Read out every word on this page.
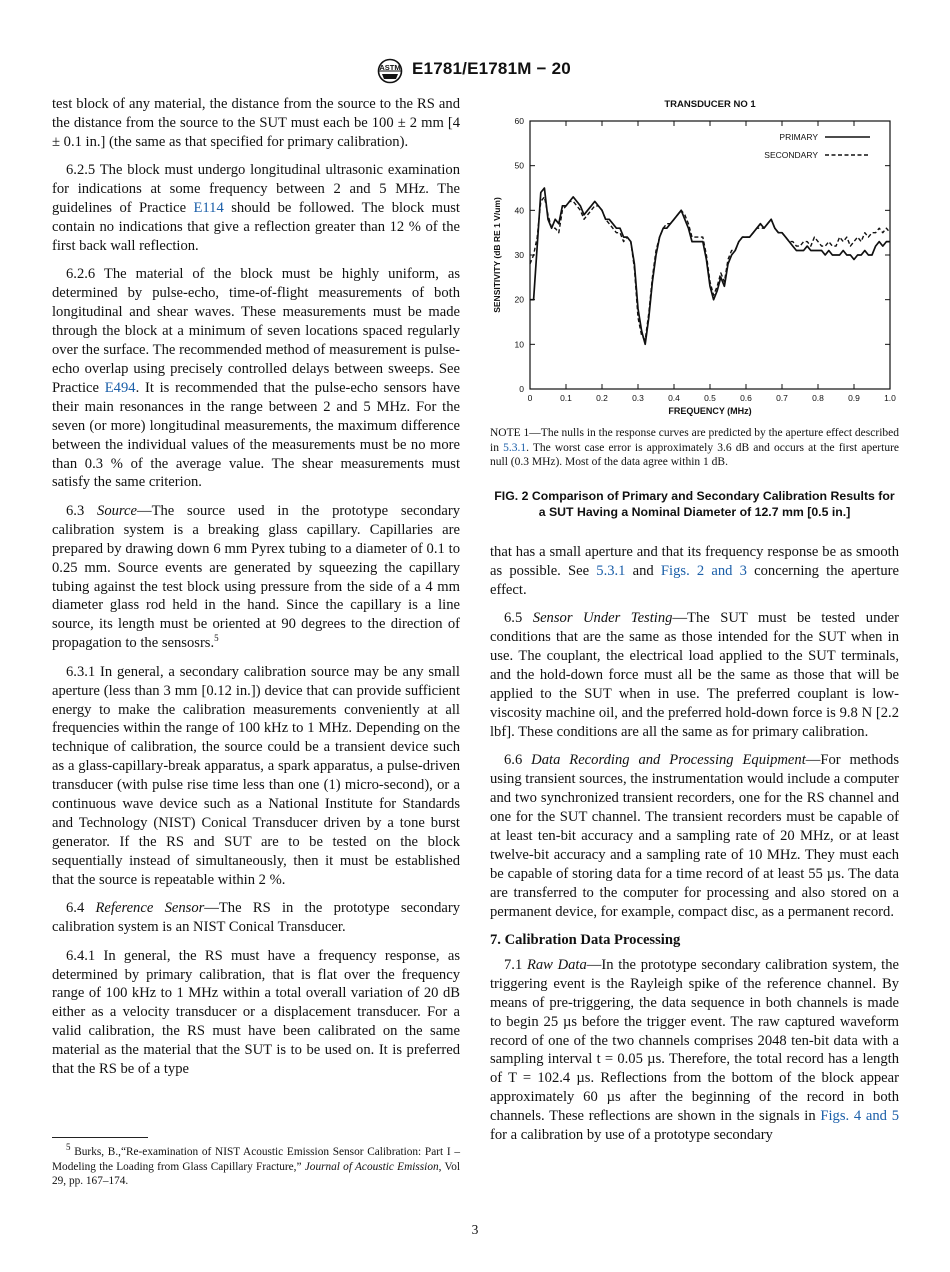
ASTM E1781/E1781M − 20

test block of any material, the distance from the source to the RS and the distance from the source to the SUT must each be 100 ± 2 mm [4 ± 0.1 in.] (the same as that specified for primary calibration).

6.2.5 The block must undergo longitudinal ultrasonic examination for indications at some frequency between 2 and 5 MHz. The guidelines of Practice E114 should be followed. The block must contain no indications that give a reflection greater than 12 % of the first back wall reflection.

6.2.6 The material of the block must be highly uniform, as determined by pulse-echo, time-of-flight measurements of both longitudinal and shear waves. These measurements must be made through the block at a minimum of seven locations spaced regularly over the surface. The recommended method of measurement is pulse-echo overlap using precisely controlled delays between sweeps. See Practice E494. It is recommended that the pulse-echo sensors have their main resonances in the range between 2 and 5 MHz. For the seven (or more) longitudinal measurements, the maximum difference between the individual values of the measurements must be no more than 0.3 % of the average value. The shear measurements must satisfy the same criterion.

6.3 Source—The source used in the prototype secondary calibration system is a breaking glass capillary. Capillaries are prepared by drawing down 6 mm Pyrex tubing to a diameter of 0.1 to 0.25 mm. Source events are generated by squeezing the capillary tubing against the test block using pressure from the side of a 4 mm diameter glass rod held in the hand. Since the capillary is a line source, its length must be oriented at 90 degrees to the direction of propagation to the sensosrs.$^5$

6.3.1 In general, a secondary calibration source may be any small aperture (less than 3 mm [0.12 in.]) device that can provide sufficient energy to make the calibration measurements conveniently at all frequencies within the range of 100 kHz to 1 MHz. Depending on the technique of calibration, the source could be a transient device such as a glass-capillary-break apparatus, a spark apparatus, a pulse-driven transducer (with pulse rise time less than one (1) micro-second), or a continuous wave device such as a National Institute for Standards and Technology (NIST) Conical Transducer driven by a tone burst generator. If the RS and SUT are to be tested on the block sequentially instead of simultaneously, then it must be established that the source is repeatable within 2 %.

6.4 Reference Sensor—The RS in the prototype secondary calibration system is an NIST Conical Transducer.

6.4.1 In general, the RS must have a frequency response, as determined by primary calibration, that is flat over the frequency range of 100 kHz to 1 MHz within a total overall variation of 20 dB either as a velocity transducer or a displacement transducer. For a valid calibration, the RS must have been calibrated on the same material as the material that the SUT is to be used on. It is preferred that the RS be of a type

$^5$ Burks, B.,“Re-examination of NIST Acoustic Emission Sensor Calibration: Part I – Modeling the Loading from Glass Capillary Fracture,” Journal of Acoustic Emission, Vol 29, pp. 167–174.
TRANSDUCER NO 1
0
10
20
30
40
50
60
0	0.1	0.2	0.3	0.4	0.5	0.6	0.7	0.8	0.9	1.0
FREQUENCY (MHz)
SENSITIVITY (dB RE 1 V/um)
PRIMARY
SECONDARY
NOTE 1—The nulls in the response curves are predicted by the aperture effect described in 5.3.1. The worst case error is approximately 3.6 dB and occurs at the first aperture null (0.3 MHz). Most of the data agree within 1 dB.
FIG. 2 Comparison of Primary and Secondary Calibration Results for a SUT Having a Nominal Diameter of 12.7 mm [0.5 in.]

that has a small aperture and that its frequency response be as smooth as possible. See 5.3.1 and Figs. 2 and 3 concerning the aperture effect.

6.5 Sensor Under Testing—The SUT must be tested under conditions that are the same as those intended for the SUT when in use. The couplant, the electrical load applied to the SUT terminals, and the hold-down force must all be the same as those that will be applied to the SUT when in use. The preferred couplant is low-viscosity machine oil, and the preferred hold-down force is 9.8 N [2.2 lbf]. These conditions are all the same as for primary calibration.

6.6 Data Recording and Processing Equipment—For methods using transient sources, the instrumentation would include a computer and two synchronized transient recorders, one for the RS channel and one for the SUT channel. The transient recorders must be capable of at least ten-bit accuracy and a sampling rate of 20 MHz, or at least twelve-bit accuracy and a sampling rate of 10 MHz. They must each be capable of storing data for a time record of at least 55 µs. The data are transferred to the computer for processing and also stored on a permanent device, for example, compact disc, as a permanent record.

7. Calibration Data Processing

7.1 Raw Data—In the prototype secondary calibration system, the triggering event is the Rayleigh spike of the reference channel. By means of pre-triggering, the data sequence in both channels is made to begin 25 µs before the trigger event. The raw captured waveform record of one of the two channels comprises 2048 ten-bit data with a sampling interval t = 0.05 µs. Therefore, the total record has a length of T = 102.4 µs. Reflections from the bottom of the block appear approximately 60 µs after the beginning of the record in both channels. These reflections are shown in the signals in Figs. 4 and 5 for a calibration by use of a prototype secondary

3
